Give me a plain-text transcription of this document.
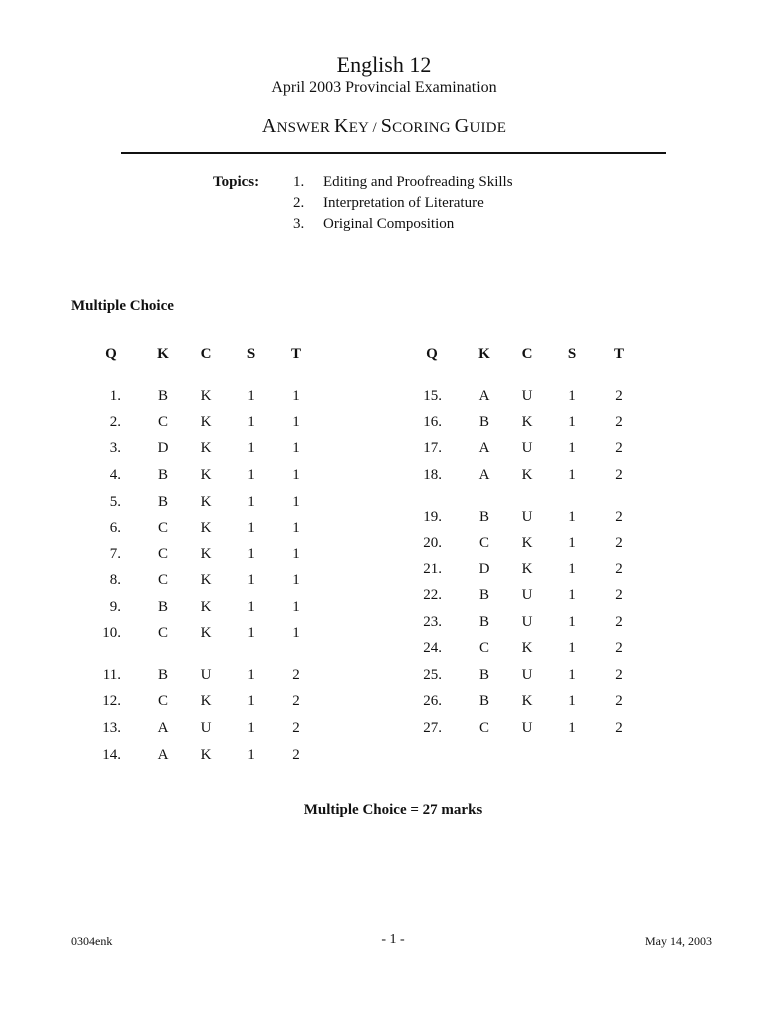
English 12
April 2003 Provincial Examination
ANSWER KEY / SCORING GUIDE
Topics: 1. Editing and Proofreading Skills
2. Interpretation of Literature
3. Original Composition
Multiple Choice
Q	K	C	S	T	Q	K	C	S	T
1.	B	K	1	1
2.	C	K	1	1
3.	D	K	1	1
4.	B	K	1	1
5.	B	K	1	1
6.	C	K	1	1
7.	C	K	1	1
8.	C	K	1	1
9.	B	K	1	1
10.	C	K	1	1
11.	B	U	1	2
12.	C	K	1	2
13.	A	U	1	2
14.	A	K	1	2
15.	A	U	1	2
16.	B	K	1	2
17.	A	U	1	2
18.	A	K	1	2
19.	B	U	1	2
20.	C	K	1	2
21.	D	K	1	2
22.	B	U	1	2
23.	B	U	1	2
24.	C	K	1	2
25.	B	U	1	2
26.	B	K	1	2
27.	C	U	1	2
Multiple Choice = 27 marks
0304enk	- 1 -	May 14, 2003
